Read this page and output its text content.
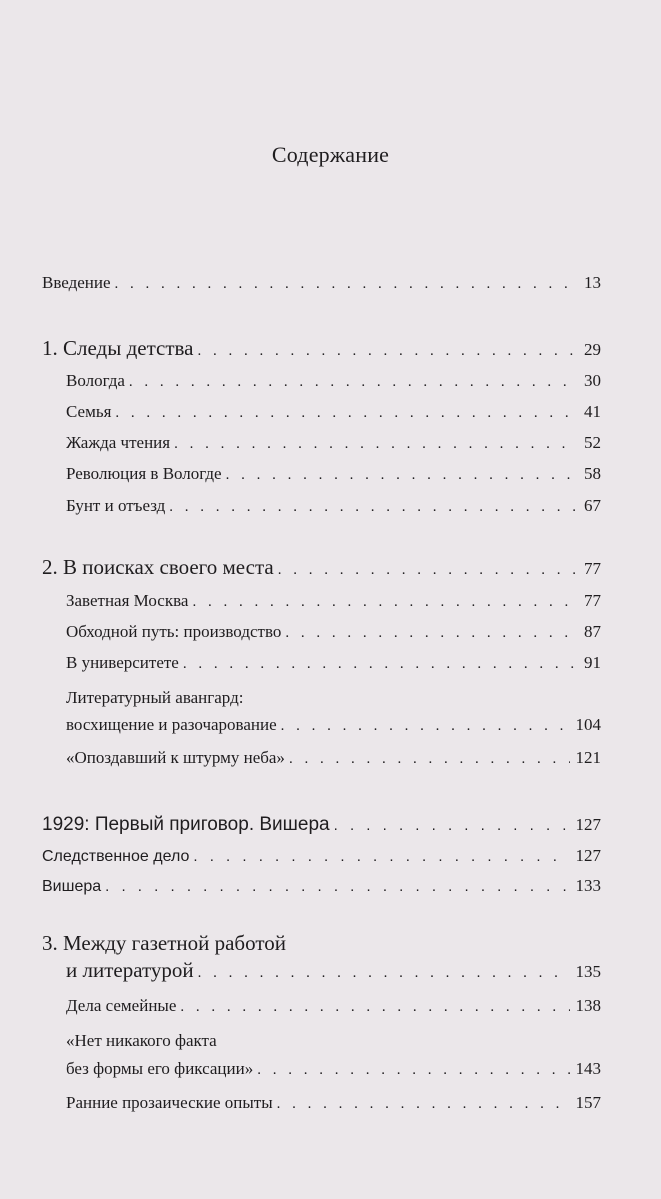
Содержание
Введение . . .	13
1. Следы детства . . .	29
Вологда . . .	30
Семья . . .	41
Жажда чтения . . .	52
Революция в Вологде . . .	58
Бунт и отъезд . . .	67
2. В поисках своего места . . .	77
Заветная Москва . . .	77
Обходной путь: производство . . .	87
В университете . . .	91
Литературный авангард:
восхищение и разочарование . . .	104
«Опоздавший к штурму неба» . . .	121
1929: Первый приговор. Вишера . . .	127
Следственное дело . . .	127
Вишера . . .	133
3. Между газетной работой
и литературой . . .	135
Дела семейные . . .	138
«Нет никакого факта
без формы его фиксации» . . .	143
Ранние прозаические опыты . . .	157
